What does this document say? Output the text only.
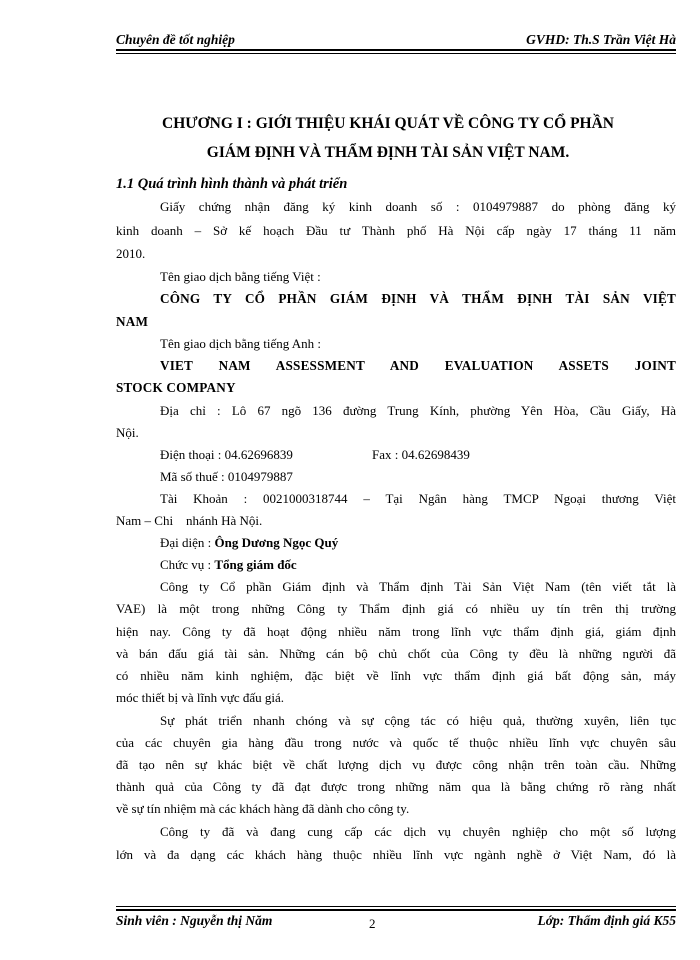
Chuyên đề tốt nghiệp	GVHD: Th.S Trần Việt Hà
CHƯƠNG I : GIỚI THIỆU KHÁI QUÁT VỀ CÔNG TY CỔ PHẦN
GIÁM ĐỊNH VÀ THẨM ĐỊNH TÀI SẢN VIỆT NAM.
1.1 Quá trình hình thành và phát triển
Giấy chứng nhận đăng ký kinh doanh số : 0104979887 do phòng đăng ký
kinh doanh – Sở kế hoạch Đầu tư Thành phố Hà Nội cấp ngày 17 tháng 11 năm
2010.
Tên giao dịch bằng tiếng Việt :
CÔNG TY CỔ PHẦN GIÁM ĐỊNH VÀ THẨM ĐỊNH TÀI SẢN VIỆT
NAM
Tên giao dịch bằng tiếng Anh :
VIET NAM ASSESSMENT AND EVALUATION ASSETS JOINT
STOCK COMPANY
Địa chỉ : Lô 67 ngõ 136 đường Trung Kính, phường Yên Hòa, Cầu Giấy, Hà
Nội.
Điện thoại : 04.62696839	Fax : 04.62698439
Mã số thuế : 0104979887
Tài Khoản : 0021000318744 – Tại Ngân hàng TMCP Ngoại thương Việt
Nam – Chi    nhánh Hà Nội.
Đại diện : Ông Dương Ngọc Quý
Chức vụ : Tổng giám đốc
Công ty Cổ phần Giám định và Thẩm định Tài Sản Việt Nam (tên viết tắt là
VAE) là một trong những Công ty Thẩm định giá có nhiều uy tín trên thị trường
hiện nay. Công ty đã hoạt động nhiều năm trong lĩnh vực thẩm định giá, giám định
và bán đấu giá tài sản. Những cán bộ chủ chốt của Công ty đều là những người đã
có nhiều năm kinh nghiệm, đặc biệt về lĩnh vực thẩm định giá bất động sản, máy
móc thiết bị và lĩnh vực đấu giá.
Sự phát triển nhanh chóng và sự cộng tác có hiệu quả, thường xuyên, liên tục
của các chuyên gia hàng đầu trong nước và quốc tế thuộc nhiều lĩnh vực chuyên sâu
đã tạo nên sự khác biệt về chất lượng dịch vụ được công nhận trên toàn cầu. Những
thành quả của Công ty đã đạt được trong những năm qua là bằng chứng rõ ràng nhất
về sự tín nhiệm mà các khách hàng đã dành cho công ty.
Công ty đã và đang cung cấp các dịch vụ chuyên nghiệp cho một số lượng
lớn và đa dạng các khách hàng thuộc nhiều lĩnh vực ngành nghề ở Việt Nam, đó là
Sinh viên : Nguyễn thị Năm	2	Lớp: Thẩm định giá K55
